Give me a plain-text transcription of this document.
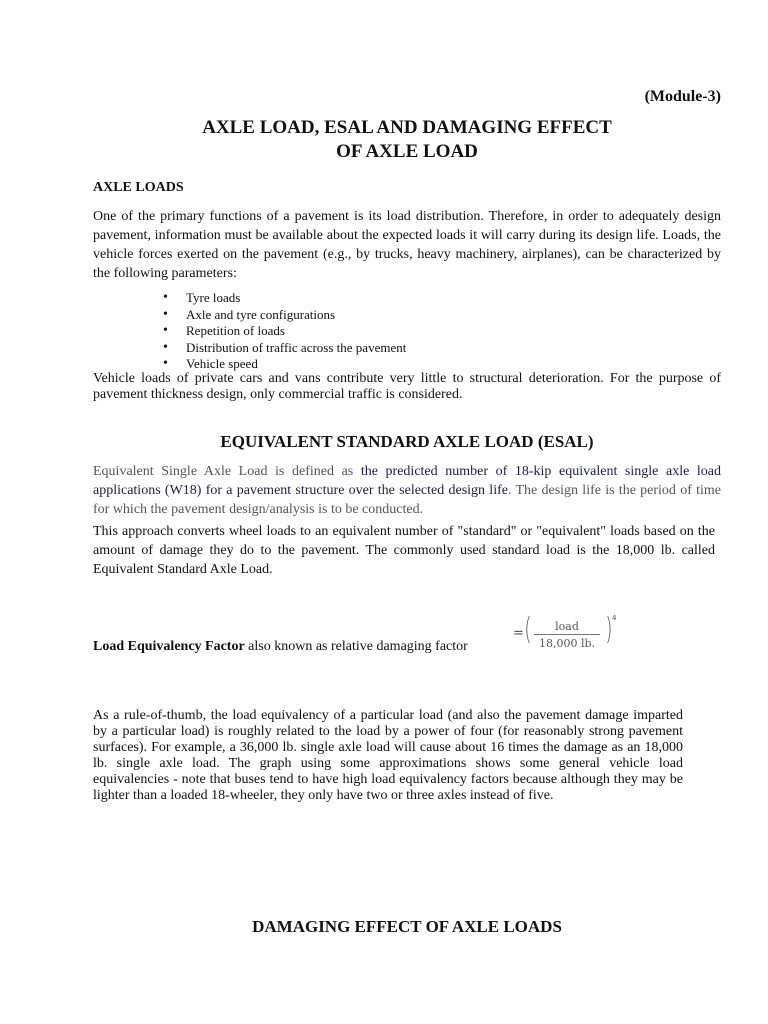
(Module-3)
AXLE LOAD, ESAL AND DAMAGING EFFECT
OF AXLE LOAD
AXLE LOADS
One of the primary functions of a pavement is its load distribution. Therefore, in order to adequately design pavement, information must be available about the expected loads it will carry during its design life. Loads, the vehicle forces exerted on the pavement (e.g., by trucks, heavy machinery, airplanes), can be characterized by the following parameters:
• Tyre loads
• Axle and tyre configurations
• Repetition of loads
• Distribution of traffic across the pavement
• Vehicle speed
Vehicle loads of private cars and vans contribute very little to structural deterioration. For the purpose of pavement thickness design, only commercial traffic is considered.
EQUIVALENT STANDARD AXLE LOAD (ESAL)
Equivalent Single Axle Load is defined as the predicted number of 18-kip equivalent single axle load applications (W18) for a pavement structure over the selected design life. The design life is the period of time for which the pavement design/analysis is to be conducted.
This approach converts wheel loads to an equivalent number of "standard" or "equivalent" loads based on the amount of damage they do to the pavement. The commonly used standard load is the 18,000 lb. called Equivalent Standard Axle Load.
Load Equivalency Factor also known as relative damaging factor
= (	load
18,000 lb. ) 4
As a rule-of-thumb, the load equivalency of a particular load (and also the pavement damage imparted by a particular load) is roughly related to the load by a power of four (for reasonably strong pavement surfaces). For example, a 36,000 lb. single axle load will cause about 16 times the damage as an 18,000 lb. single axle load. The graph using some approximations shows some general vehicle load equivalencies - note that buses tend to have high load equivalency factors because although they may be lighter than a loaded 18-wheeler, they only have two or three axles instead of five.
DAMAGING EFFECT OF AXLE LOADS
